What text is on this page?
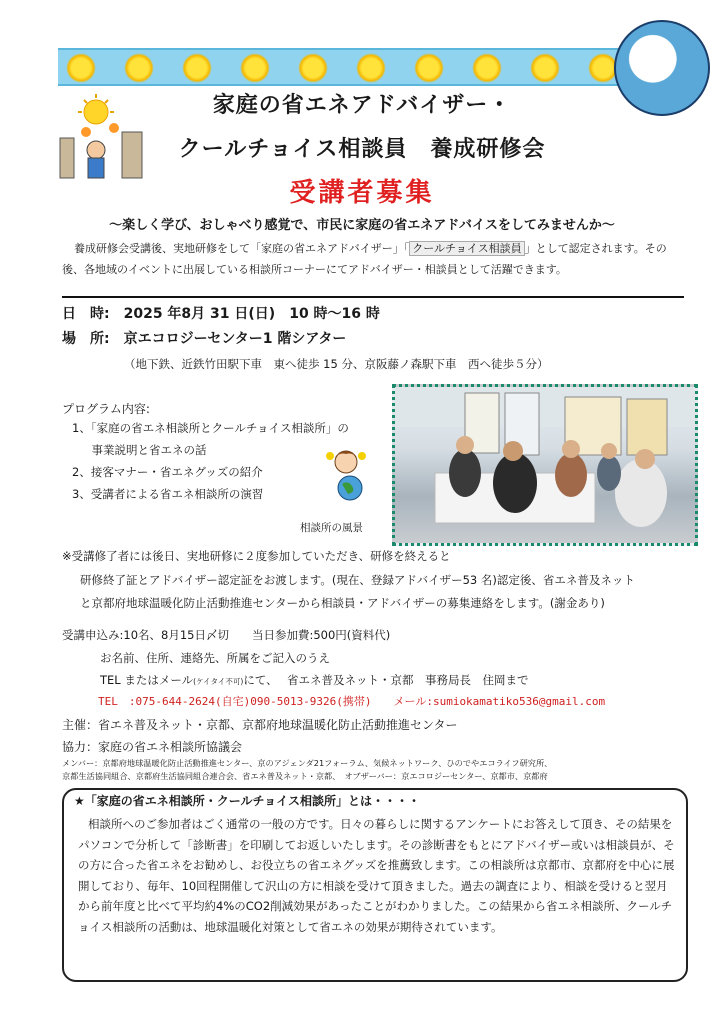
家庭の省エネアドバイザー・
クールチョイス相談員　養成研修会
受講者募集
～楽しく学び、おしゃべり感覚で、市民に家庭の省エネアドバイスをしてみませんか～
養成研修会受講後、実地研修をして「家庭の省エネアドバイザー」「 クールチョイス相談員 」として認定されます。その後、各地域のイベントに出展している相談所コーナーにてアドバイザー・相談員として活躍できます。
日　時:　2025 年8月 31 日(日)　10 時～16 時
場　所:　京エコロジーセンター1 階シアター
（地下鉄、近鉄竹田駅下車　東へ徒歩 15 分、京阪藤ノ森駅下車　西へ徒歩５分）
プログラム内容:
1、「家庭の省エネ相談所とクールチョイス相談所」の
　事業説明と省エネの話
2、接客マナー・省エネグッズの紹介
3、受講者による省エネ相談所の演習
相談所の風景
※受講修了者には後日、実地研修に２度参加していただき、研修を終えると
研修終了証とアドバイザー認定証をお渡します。(現在、登録アドバイザー53 名)認定後、省エネ普及ネット
と京都府地球温暖化防止活動推進センターから相談員・アドバイザーの募集連絡をします。(謝金あり)
受講申込み:10名、8月15日〆切　　当日参加費:500円(資料代)
お名前、住所、連絡先、所属をご記入のうえ
TEL またはメール(ケイタイ不可)にて、　 省エネ普及ネット・京都　事務局長　住岡まで
TEL　:075-644-2624(自宅)090-5013-9326(携帯)　　 メール:sumiokamatiko536@gmail.com
主催：省エネ普及ネット・京都、京都府地球温暖化防止活動推進センター
協力：家庭の省エネ相談所協議会
メンバー：京都府地球温暖化防止活動推進センター、京のアジェンダ21フォーラム、気候ネットワーク、ひのでやエコライフ研究所、
京都生活協同組合、京都府生活協同組合連合会、省エネ普及ネット・京都、　オブザーバー：京エコロジーセンター、京都市、京都府
★「家庭の省エネ相談所・クールチョイス相談所」とは・・・・
相談所へのご参加者はごく通常の一般の方です。日々の暮らしに関するアンケートにお答えして頂き、その結果をパソコンで分析して「診断書」を印刷してお返しいたします。その診断書をもとにアドバイザー或いは相談員が、その方に合った省エネをお勧めし、お役立ちの省エネグッズを推薦致します。この相談所は京都市、京都府を中心に展開しており、毎年、10回程開催して沢山の方に相談を受けて頂きました。過去の調査により、相談を受けると翌月から前年度と比べて平均約4%のCO2削減効果があったことがわかりました。この結果から省エネ相談所、クールチョイス相談所の活動は、地球温暖化対策として省エネの効果が期待されています。
